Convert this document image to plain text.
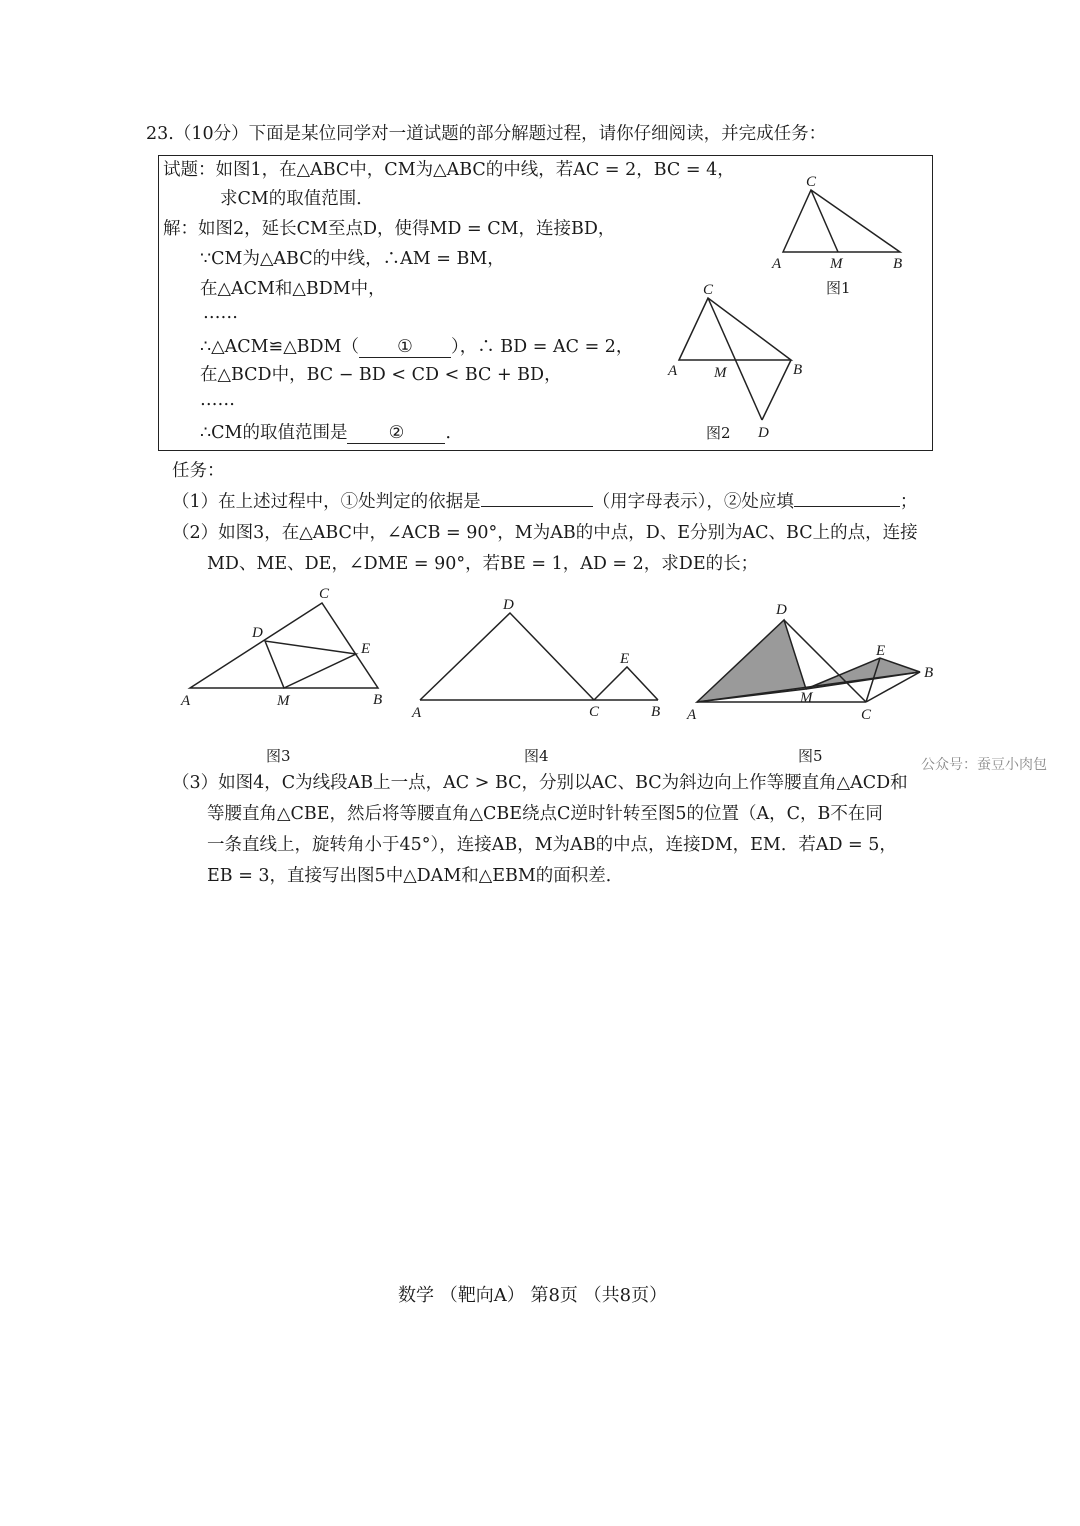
23.（10分）下面是某位同学对一道试题的部分解题过程，请你仔细阅读，并完成任务：
试题：如图1，在△ABC中，CM为△ABC的中线，若AC = 2，BC = 4，
求CM的取值范围．
解：如图2，延长CM至点D，使得MD = CM，连接BD，
∵CM为△ABC的中线，∴AM = BM，
在△ACM和△BDM中，
……
∴△ACM≌△BDM（ ① ），∴ BD = AC = 2，
在△BCD中，BC − BD < CD < BC + BD，
……
∴CM的取值范围是 ② ．
C
A	M	B
图1
C
A M	B
D
图2
C
D
E
A	M	B
图3
D
E
A	C	B
图4
D
E
B
M
A	C
图5	公众号：蚕豆小肉包
任务：
（1）在上述过程中，①处判定的依据是	（用字母表示），②处应填	；
（2）如图3，在△ABC中，∠ACB = 90°，M为AB的中点，D、E分别为AC、BC上的点，连接
MD、ME、DE，∠DME = 90°，若BE = 1，AD = 2，求DE的长；
（3）如图4，C为线段AB上一点，AC > BC，分别以AC、BC为斜边向上作等腰直角△ACD和
等腰直角△CBE，然后将等腰直角△CBE绕点C逆时针转至图5的位置（A，C，B不在同
一条直线上，旋转角小于45°），连接AB，M为AB的中点，连接DM，EM．若AD = 5，
EB = 3，直接写出图5中△DAM和△EBM的面积差．
数学 （靶向A） 第8页 （共8页）
